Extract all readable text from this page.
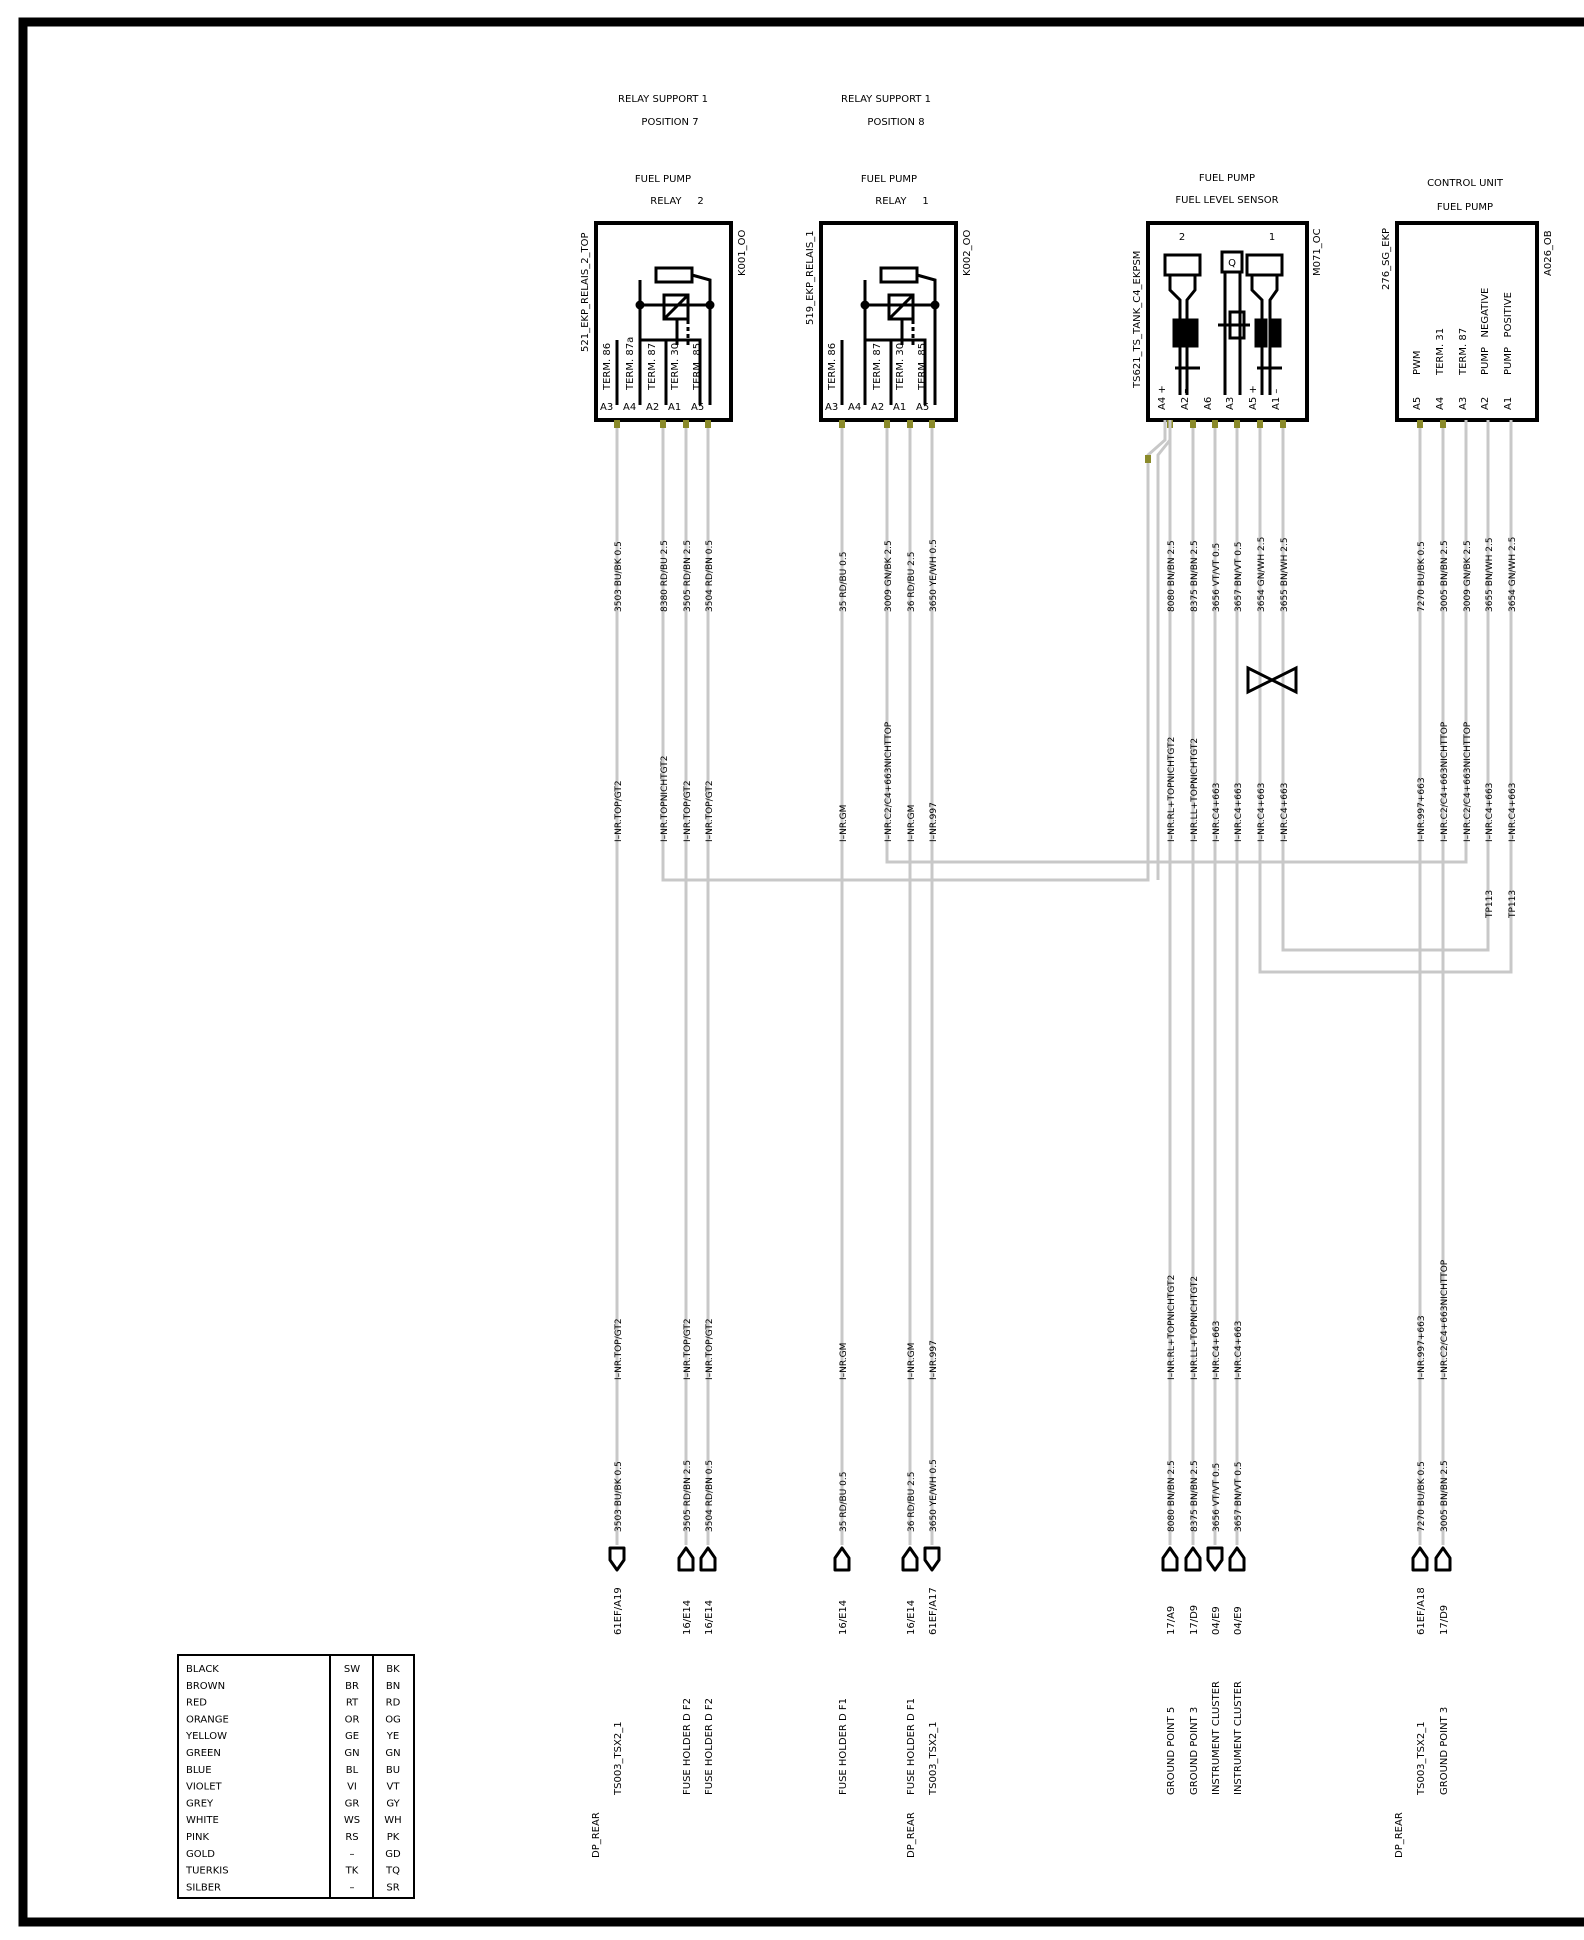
RELAY SUPPORT 1
POSITION 7
FUEL PUMP
RELAY     2
521_EKP_RELAIS_2_TOP	K001_OO
TERM. 86 TERM. 87a TERM. 87 TERM. 30 TERM. 85
A3 A4 A2 A1 A5
RELAY SUPPORT 1
POSITION 8
FUEL PUMP
RELAY     1
519_EKP_RELAIS_1	K002_OO
TERM. 86	TERM. 87 TERM. 30 TERM. 85
A3 A4 A2 A1 A5
FUEL PUMP
FUEL LEVEL SENSOR
2	1
Q
TS621_TS_TANK_C4_EKPSM	M071_OC
A4 + A2 – A6 A3 A5 + A1 –
CONTROL UNIT
FUEL PUMP
276_SG_EKP	A026_OB
PWM TERM. 31 TERM. 87 PUMP   NEGATIVE PUMP   POSITIVE
A5 A4 A3 A2 A1
3503 BU/BK 0.5
I–NR.TOP/GT2
I–NR.TOP/GT2
3503 BU/BK 0.5
61EF/A19
TS003_TSX2_1
DP_REAR
8380 RD/BU 2.5
I–NR.TOPNICHTGT2
3505 RD/BN 2.5
I–NR.TOP/GT2
I–NR.TOP/GT2
3505 RD/BN 2.5
16/E14
FUSE HOLDER D F2
3504 RD/BN 0.5
I–NR.TOP/GT2
I–NR.TOP/GT2
3504 RD/BN 0.5
16/E14
FUSE HOLDER D F2
35 RD/BU 0.5
I–NR.GM
I–NR.GM
35 RD/BU 0.5
16/E14
FUSE HOLDER D F1
3009 GN/BK 2.5
I–NR.C2/C4+663NICHTTOP
36 RD/BU 2.5
I–NR.GM
I–NR.GM
36 RD/BU 2.5
16/E14
FUSE HOLDER D F1
3650 YE/WH 0.5
I–NR.997
I–NR.997
3650 YE/WH 0.5
61EF/A17
TS003_TSX2_1
DP_REAR
8080 BN/BN 2.5
I–NR.RL+TOPNICHTGT2
I–NR.RL+TOPNICHTGT2
8080 BN/BN 2.5
17/A9
GROUND POINT 5
8375 BN/BN 2.5
I–NR.LL+TOPNICHTGT2
I–NR.LL+TOPNICHTGT2
8375 BN/BN 2.5
17/D9
GROUND POINT 3
3656 VT/VT 0.5
I–NR.C4+663
I–NR.C4+663
3656 VT/VT 0.5
04/E9
INSTRUMENT CLUSTER
3657 BN/VT 0.5
I–NR.C4+663
I–NR.C4+663
3657 BN/VT 0.5
04/E9
INSTRUMENT CLUSTER
3654 GN/WH 2.5
I–NR.C4+663
3655 BN/WH 2.5
I–NR.C4+663
7270 BU/BK 0.5
I–NR.997+663
I–NR.997+663
7270 BU/BK 0.5
61EF/A18
TS003_TSX2_1
DP_REAR
3005 BN/BN 2.5
I–NR.C2/C4+663NICHTTOP
I–NR.C2/C4+663NICHTTOP
3005 BN/BN 2.5
17/D9
GROUND POINT 3
3009 GN/BK 2.5
I–NR.C2/C4+663NICHTTOP
3655 BN/WH 2.5
I–NR.C4+663
TP113
3654 GN/WH 2.5
I–NR.C4+663
TP113
BLACK	SW	BK
BROWN	BR	BN
RED	RT	RD
ORANGE	OR	OG
YELLOW	GE	YE
GREEN	GN	GN
BLUE	BL	BU
VIOLET	VI	VT
GREY	GR	GY
WHITE	WS WH
PINK	RS	PK
GOLD	–	GD
TUERKIS	TK	TQ
SILBER	–	SR
